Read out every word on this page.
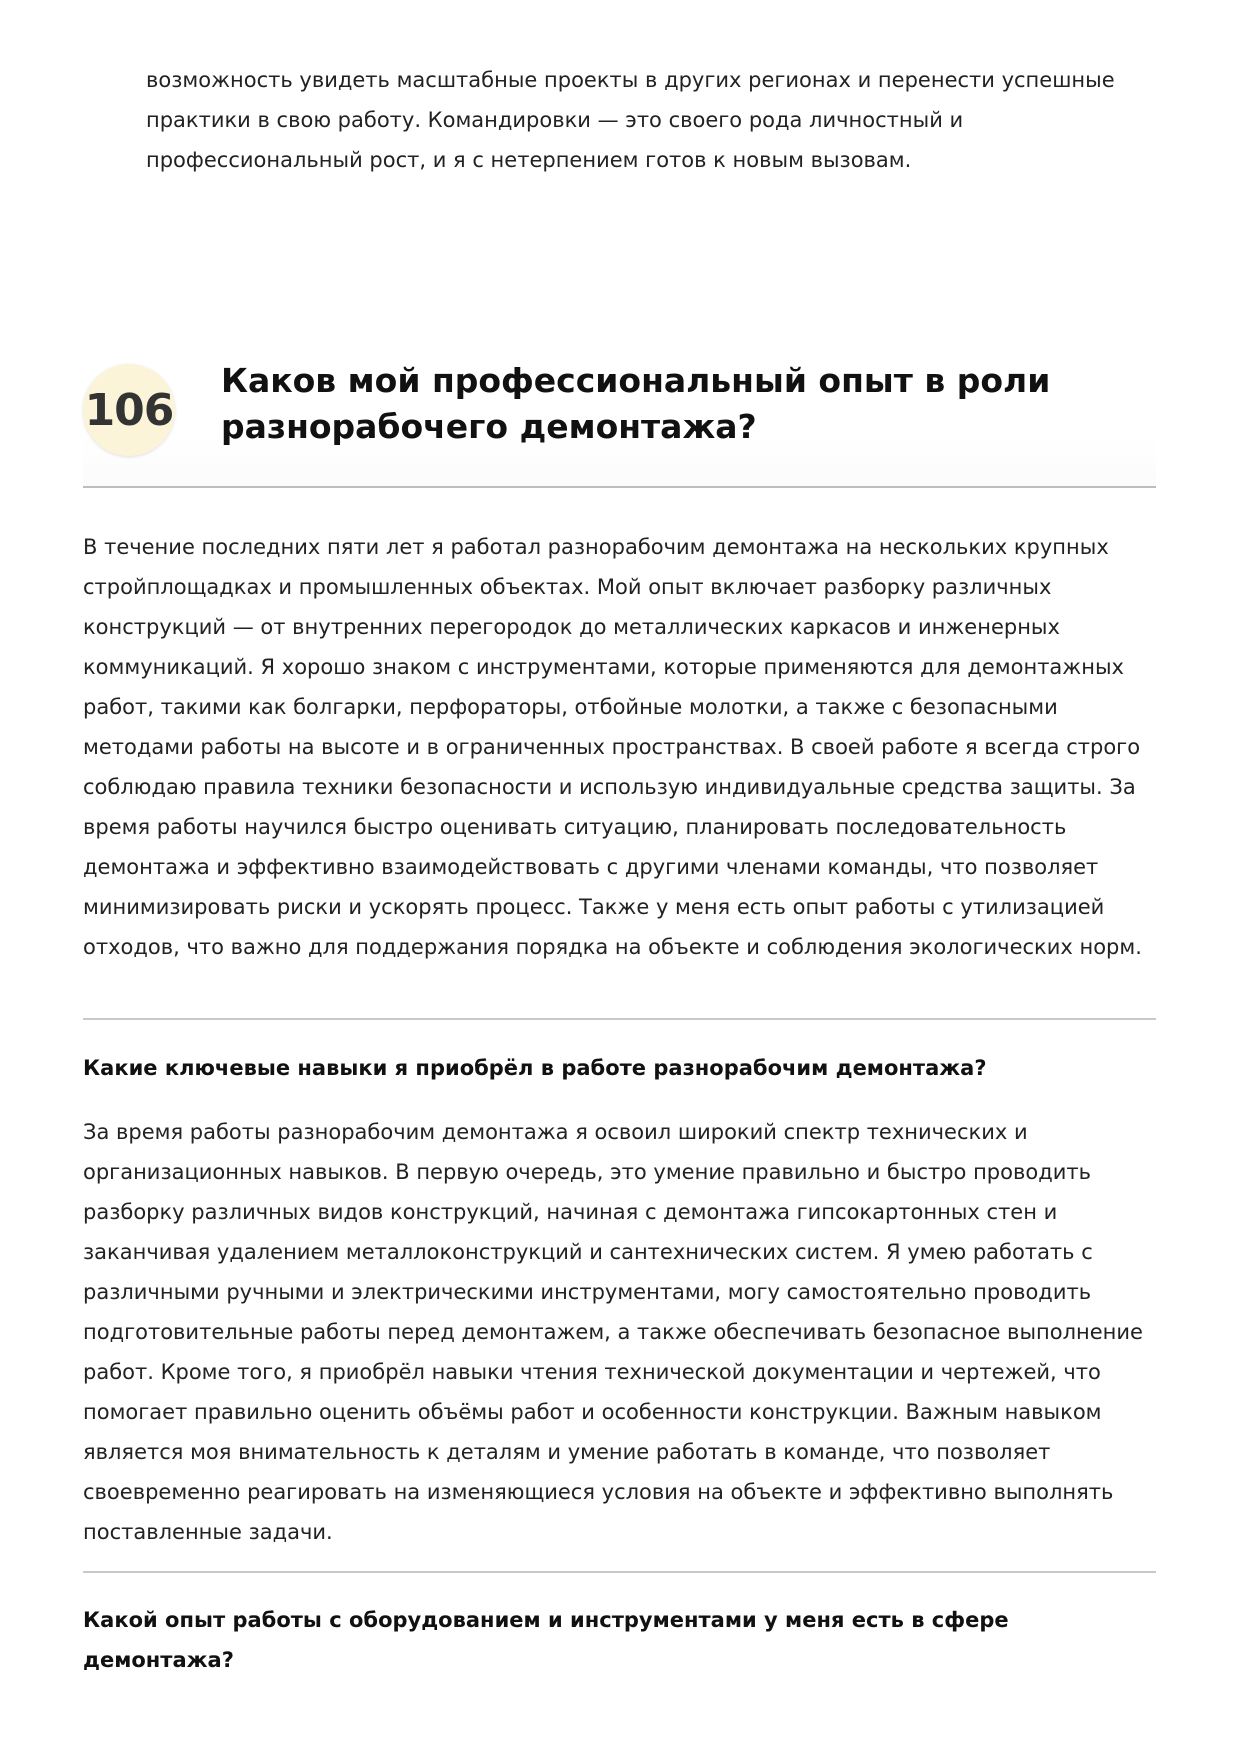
возможность увидеть масштабные проекты в других регионах и перенести успешные практики в свою работу. Командировки — это своего рода личностный и профессиональный рост, и я с нетерпением готов к новым вызовам.

106
Каков мой профессиональный опыт в роли разнорабочего демонтажа?

В течение последних пяти лет я работал разнорабочим демонтажа на нескольких крупных стройплощадках и промышленных объектах. Мой опыт включает разборку различных конструкций — от внутренних перегородок до металлических каркасов и инженерных коммуникаций. Я хорошо знаком с инструментами, которые применяются для демонтажных работ, такими как болгарки, перфораторы, отбойные молотки, а также с безопасными методами работы на высоте и в ограниченных пространствах. В своей работе я всегда строго соблюдаю правила техники безопасности и использую индивидуальные средства защиты. За время работы научился быстро оценивать ситуацию, планировать последовательность демонтажа и эффективно взаимодействовать с другими членами команды, что позволяет минимизировать риски и ускорять процесс. Также у меня есть опыт работы с утилизацией отходов, что важно для поддержания порядка на объекте и соблюдения экологических норм.

Какие ключевые навыки я приобрёл в работе разнорабочим демонтажа?

За время работы разнорабочим демонтажа я освоил широкий спектр технических и организационных навыков. В первую очередь, это умение правильно и быстро проводить разборку различных видов конструкций, начиная с демонтажа гипсокартонных стен и заканчивая удалением металлоконструкций и сантехнических систем. Я умею работать с различными ручными и электрическими инструментами, могу самостоятельно проводить подготовительные работы перед демонтажем, а также обеспечивать безопасное выполнение работ. Кроме того, я приобрёл навыки чтения технической документации и чертежей, что помогает правильно оценить объёмы работ и особенности конструкции. Важным навыком является моя внимательность к деталям и умение работать в команде, что позволяет своевременно реагировать на изменяющиеся условия на объекте и эффективно выполнять поставленные задачи.

Какой опыт работы с оборудованием и инструментами у меня есть в сфере демонтажа?
